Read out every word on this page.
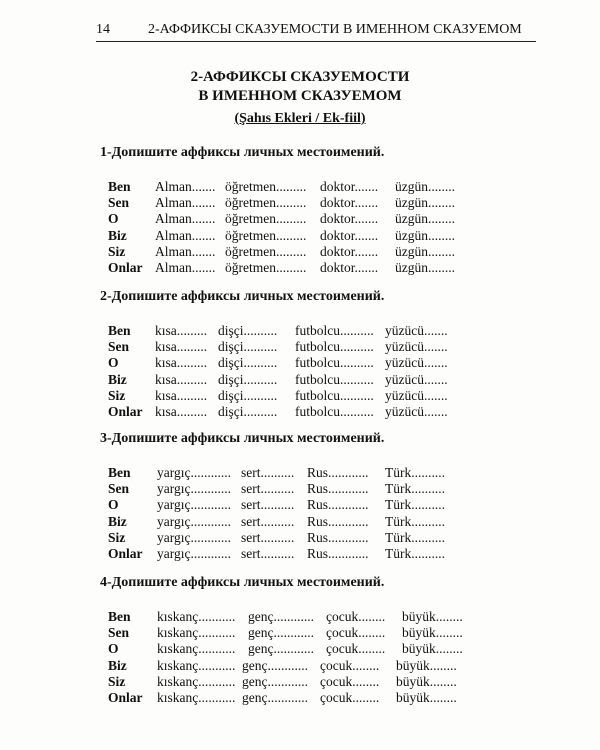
14	2-АФФИКСЫ СКАЗУЕМОСТИ В ИМЕННОМ СКАЗУЕМОМ
2-АФФИКСЫ СКАЗУЕМОСТИ
В ИМЕННОМ СКАЗУЕМОМ
(Şahıs Ekleri / Ek-fiil)
1-Допишите аффиксы личных местоимений.
Ben Alman....... öğretmen......... doktor....... üzgün........
Sen Alman....... öğretmen......... doktor....... üzgün........
O	Alman....... öğretmen......... doktor....... üzgün........
Biz Alman....... öğretmen......... doktor....... üzgün........
Siz Alman....... öğretmen......... doktor....... üzgün........
Onlar Alman....... öğretmen......... doktor....... üzgün........
2-Допишите аффиксы личных местоимений.
Ben kısa......... dişçi.......... futbolcu.......... yüzücü.......
Sen kısa......... dişçi.......... futbolcu.......... yüzücü.......
O	kısa......... dişçi.......... futbolcu.......... yüzücü.......
Biz kısa......... dişçi.......... futbolcu.......... yüzücü.......
Siz kısa......... dişçi.......... futbolcu.......... yüzücü.......
Onlar kısa......... dişçi.......... futbolcu.......... yüzücü.......
3-Допишите аффиксы личных местоимений.
Ben yargıç............ sert.......... Rus............ Türk..........
Sen yargıç............ sert.......... Rus............ Türk..........
O	yargıç............ sert.......... Rus............ Türk..........
Biz yargıç............ sert.......... Rus............ Türk..........
Siz yargıç............ sert.......... Rus............ Türk..........
Onlar yargıç............ sert.......... Rus............ Türk..........
4-Допишите аффиксы личных местоимений.
Ben kıskanç........... genç............ çocuk........ büyük........
Sen kıskanç........... genç............ çocuk........ büyük........
O	kıskanç........... genç............ çocuk........ büyük........
Biz kıskanç........... genç............ çocuk........ büyük........
Siz kıskanç........... genç............ çocuk........ büyük........
Onlar kıskanç........... genç............ çocuk........ büyük........
